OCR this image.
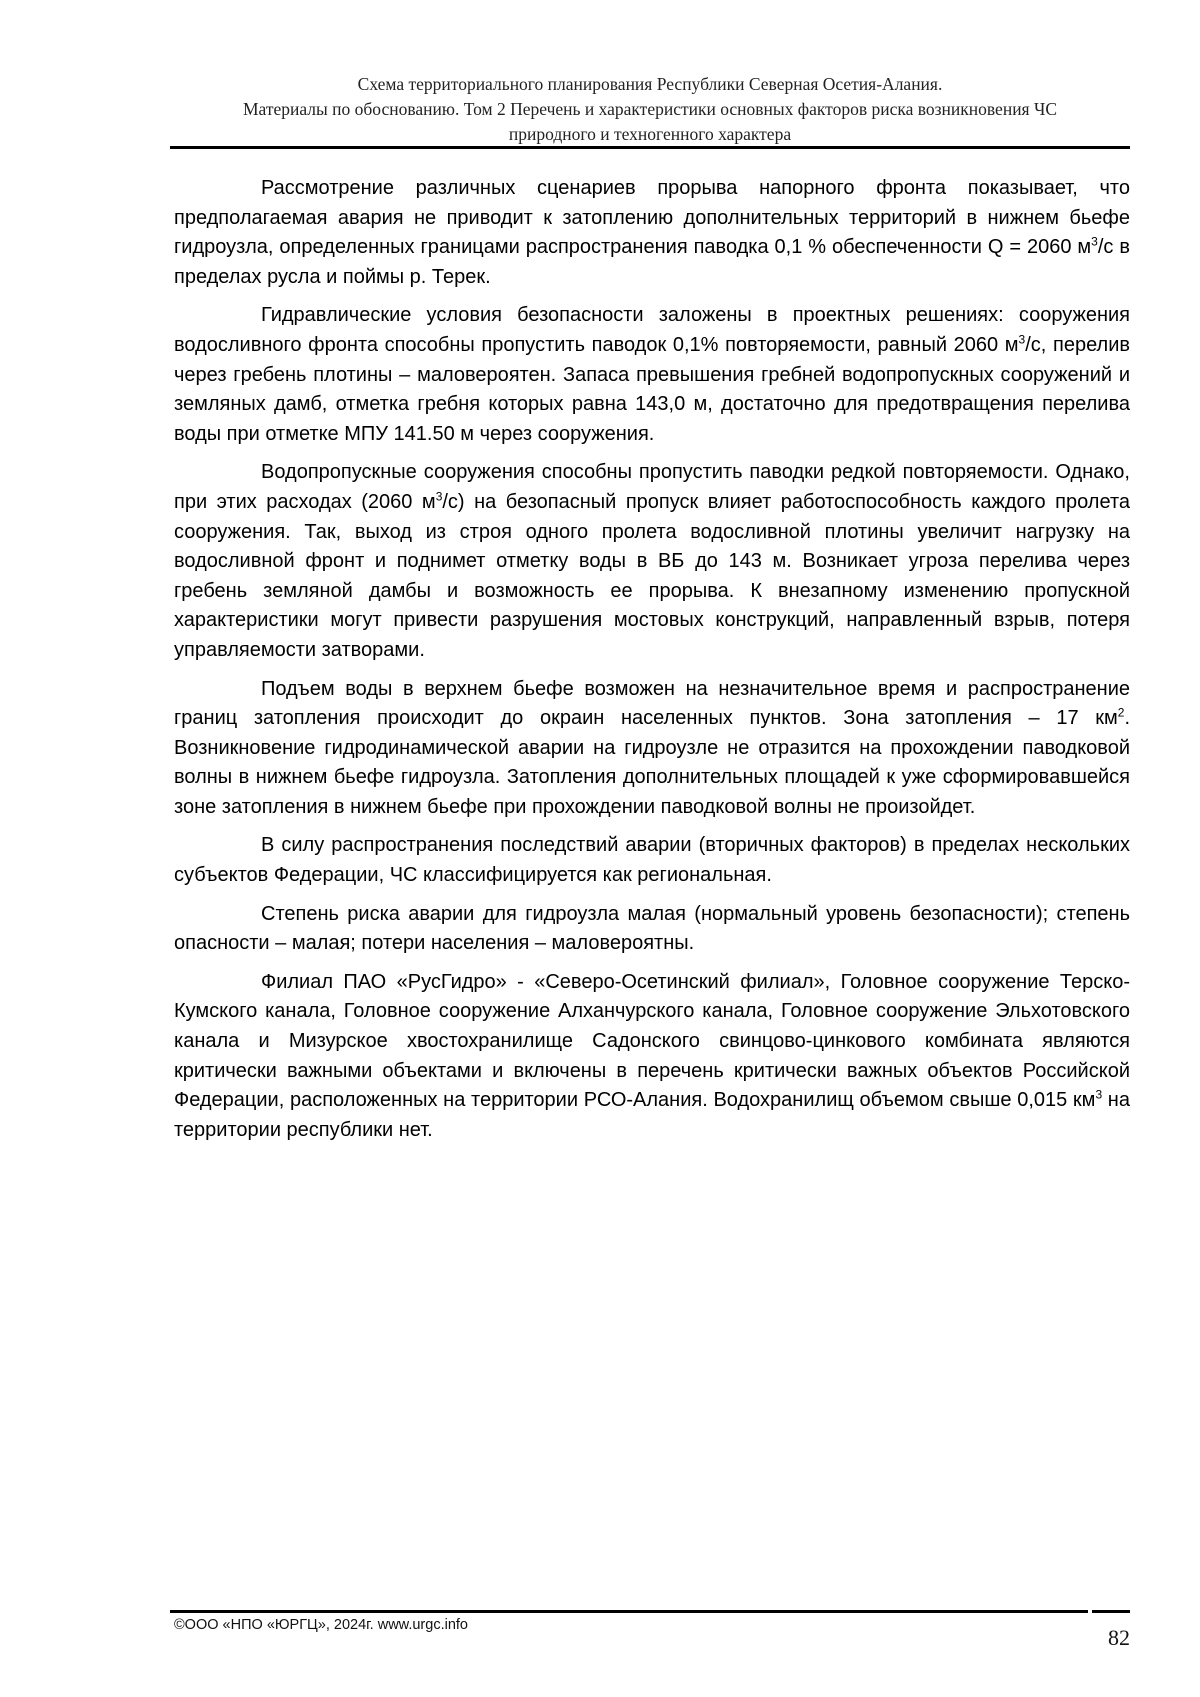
Схема территориального планирования Республики Северная Осетия-Алания.
Материалы по обоснованию. Том 2 Перечень и характеристики основных факторов риска возникновения ЧС
природного и техногенного характера

Рассмотрение различных сценариев прорыва напорного фронта показывает, что предполагаемая авария не приводит к затоплению дополнительных территорий в нижнем бьефе гидроузла, определенных границами распространения паводка 0,1 % обеспеченности Q = 2060 $м^3/с$ в пределах русла и поймы р. Терек.

Гидравлические условия безопасности заложены в проектных решениях: сооружения водосливного фронта способны пропустить паводок 0,1% повторяемости, равный 2060 $м^3/с$, перелив через гребень плотины – маловероятен. Запаса превышения гребней водопропускных сооружений и земляных дамб, отметка гребня которых равна 143,0 м, достаточно для предотвращения перелива воды при отметке МПУ 141.50 м через сооружения.

Водопропускные сооружения способны пропустить паводки редкой повторяемости. Однако, при этих расходах (2060 $м^3/с$) на безопасный пропуск влияет работоспособность каждого пролета сооружения. Так, выход из строя одного пролета водосливной плотины увеличит нагрузку на водосливной фронт и поднимет отметку воды в ВБ до 143 м. Возникает угроза перелива через гребень земляной дамбы и возможность ее прорыва. К внезапному изменению пропускной характеристики могут привести разрушения мостовых конструкций, направленный взрыв, потеря управляемости затворами.

Подъем воды в верхнем бьефе возможен на незначительное время и распространение границ затопления происходит до окраин населенных пунктов. Зона затопления – 17 $км^2$. Возникновение гидродинамической аварии на гидроузле не отразится на прохождении паводковой волны в нижнем бьефе гидроузла. Затопления дополнительных площадей к уже сформировавшейся зоне затопления в нижнем бьефе при прохождении паводковой волны не произойдет.

В силу распространения последствий аварии (вторичных факторов) в пределах нескольких субъектов Федерации, ЧС классифицируется как региональная.

Степень риска аварии для гидроузла малая (нормальный уровень безопасности); степень опасности – малая; потери населения – маловероятны.

Филиал ПАО «РусГидро» - «Северо-Осетинский филиал», Головное сооружение Терско-Кумского канала, Головное сооружение Алханчурского канала, Головное сооружение Эльхотовского канала и Мизурское хвостохранилище Садонского свинцово-цинкового комбината являются критически важными объектами и включены в перечень критически важных объектов Российской Федерации, расположенных на территории РСО-Алания. Водохранилищ объемом свыше 0,015 $км^3$ на территории республики нет.

©ООО «НПО «ЮРГЦ», 2024г. www.urgc.info	82
